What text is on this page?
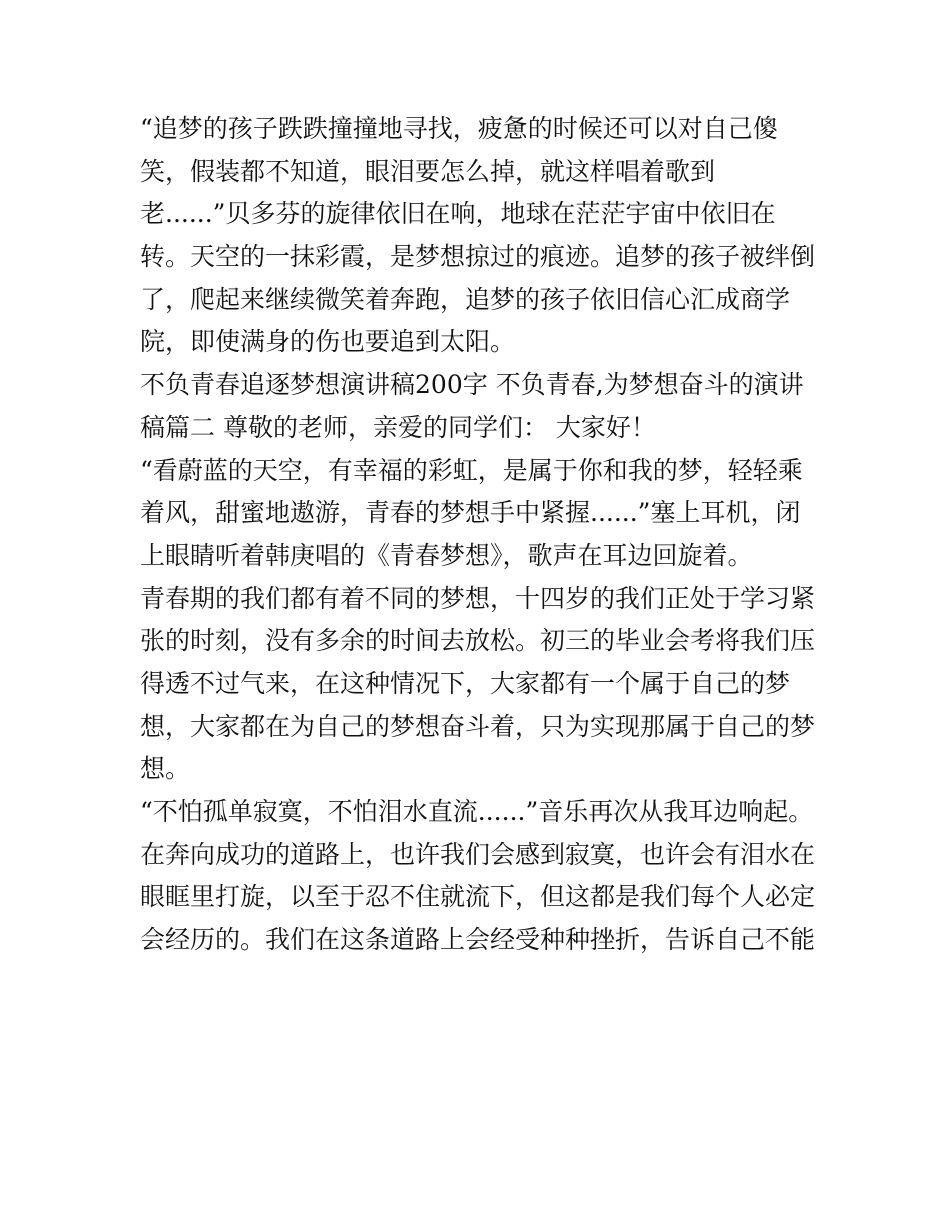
“追梦的孩子跌跌撞撞地寻找，疲惫的时候还可以对自己傻
笑，假装都不知道，眼泪要怎么掉，就这样唱着歌到
老......”贝多芬的旋律依旧在响，地球在茫茫宇宙中依旧在
转。天空的一抹彩霞，是梦想掠过的痕迹。追梦的孩子被绊倒
了，爬起来继续微笑着奔跑，追梦的孩子依旧信心汇成商学
院，即使满身的伤也要追到太阳。
不负青春追逐梦想演讲稿200字 不负青春,为梦想奋斗的演讲
稿篇二 尊敬的老师，亲爱的同学们： 大家好！
“看蔚蓝的天空，有幸福的彩虹，是属于你和我的梦，轻轻乘
着风，甜蜜地遨游，青春的梦想手中紧握......”塞上耳机，闭
上眼睛听着韩庚唱的《青春梦想》，歌声在耳边回旋着。
青春期的我们都有着不同的梦想，十四岁的我们正处于学习紧
张的时刻，没有多余的时间去放松。初三的毕业会考将我们压
得透不过气来，在这种情况下，大家都有一个属于自己的梦
想，大家都在为自己的梦想奋斗着，只为实现那属于自己的梦
想。
“不怕孤单寂寞，不怕泪水直流......”音乐再次从我耳边响起。
在奔向成功的道路上，也许我们会感到寂寞，也许会有泪水在
眼眶里打旋，以至于忍不住就流下，但这都是我们每个人必定
会经历的。我们在这条道路上会经受种种挫折，告诉自己不能
